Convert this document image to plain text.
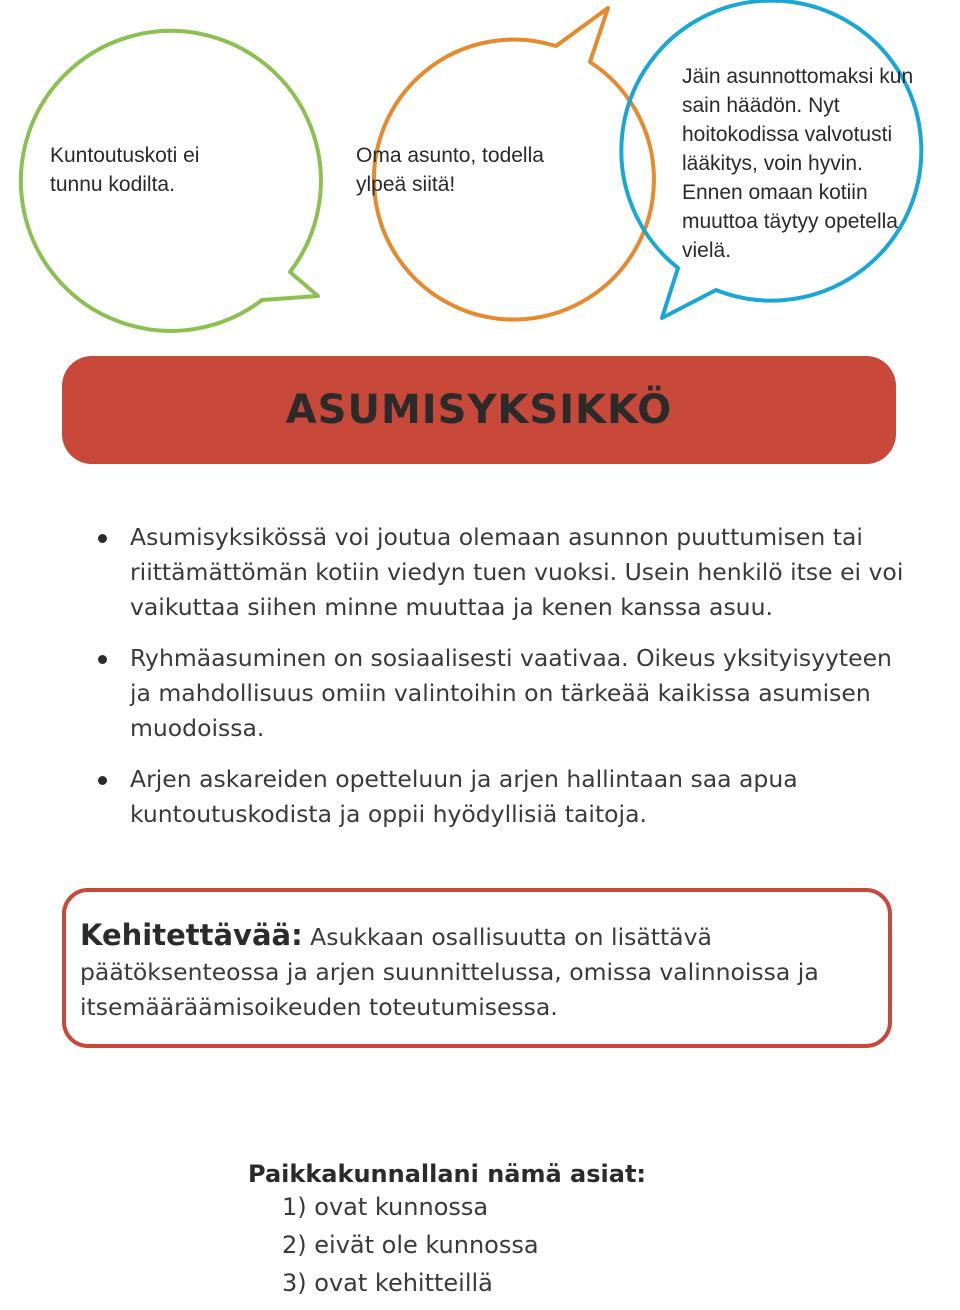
Kuntoutuskoti ei tunnu kodilta.
Oma asunto, todella ylpeä siitä!
Jäin asunnottomaksi kun sain häädön. Nyt hoitokodissa valvotusti lääkitys, voin hyvin. Ennen omaan kotiin muuttoa täytyy opetella vielä.
ASUMISYKSIKKÖ
Asumisyksikössä voi joutua olemaan asunnon puuttumisen tai riittämättömän kotiin viedyn tuen vuoksi. Usein henkilö itse ei voi vaikuttaa siihen minne muuttaa ja kenen kanssa asuu.
Ryhmäasuminen on sosiaalisesti vaativaa. Oikeus yksityisyyteen ja mahdollisuus omiin valintoihin on tärkeää kaikissa asumisen muodoissa.
Arjen askareiden opetteluun ja arjen hallintaan saa apua kuntoutuskodista ja oppii hyödyllisiä taitoja.
Kehitettävää: Asukkaan osallisuutta on lisättävä päätöksenteossa ja arjen suunnittelussa, omissa valinnoissa ja itsemääräämisoikeuden toteutumisessa.
Paikkakunnallani nämä asiat:
1) ovat kunnossa
2) eivät ole kunnossa
3) ovat kehitteillä
